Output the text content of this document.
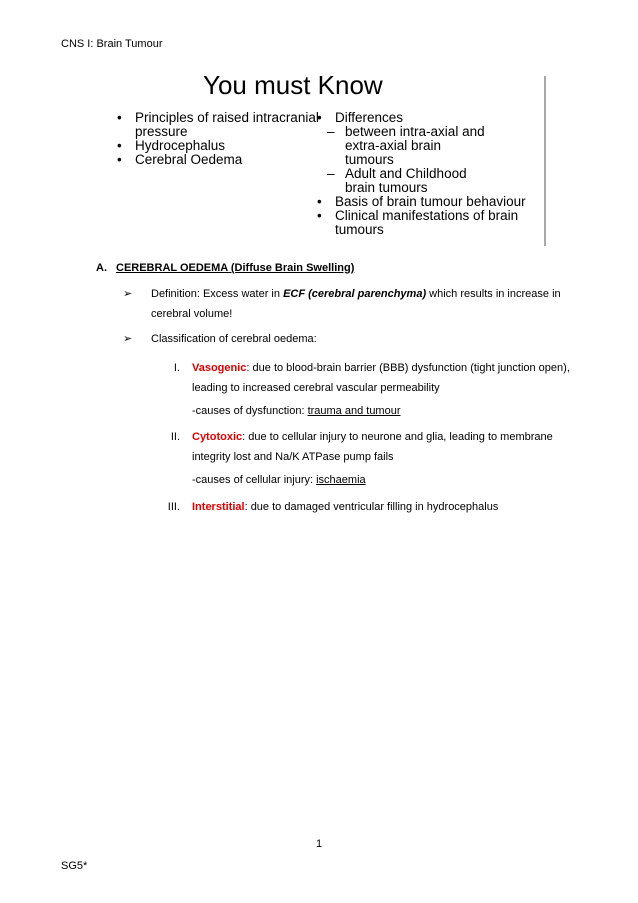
CNS I: Brain Tumour
You must Know
• Principles of raised intracranial pressure
• Hydrocephalus
• Cerebral Oedema
• Differences
– between intra-axial and
extra-axial brain
tumours
– Adult and Childhood
brain tumours
• Basis of brain tumour behaviour
• Clinical manifestations of brain tumours
A. CEREBRAL OEDEMA (Diffuse Brain Swelling)
➢ Definition: Excess water in ECF (cerebral parenchyma) which results in increase in cerebral volume!
➢ Classification of cerebral oedema:
I. Vasogenic: due to blood-brain barrier (BBB) dysfunction (tight junction open), leading to increased cerebral vascular permeability
-causes of dysfunction: trauma and tumour
II. Cytotoxic: due to cellular injury to neurone and glia, leading to membrane integrity lost and Na/K ATPase pump fails
-causes of cellular injury: ischaemia
III. Interstitial: due to damaged ventricular filling in hydrocephalus
1
SG5*
